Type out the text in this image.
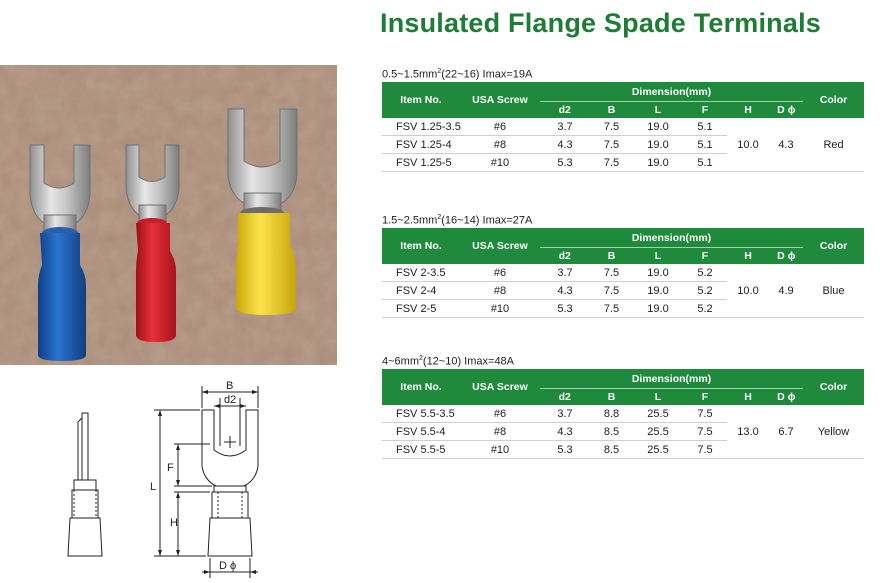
Insulated Flange Spade Terminals
B
d2
F
L
H
D ϕ
$0.5\sim 1.5mm^2(22\sim 16)$ Imax=19A
Item No.	USA Screw	Dimension(mm)						Color
		d2	B	L	F	H	D ϕ	
FSV 1.25-3.5	#6	3.7	7.5	19.0	5.1	10.0	4.3	Red
FSV 1.25-4	#8	4.3	7.5	19.0	5.1			
FSV 1.25-5	#10	5.3	7.5	19.0	5.1			
$1.5\sim 2.5mm^2(16\sim 14)$ Imax=27A
Item No.	USA Screw	Dimension(mm)						Color
		d2	B	L	F	H	D ϕ	
FSV 2-3.5	#6	3.7	7.5	19.0	5.2	10.0	4.9	Blue
FSV 2-4	#8	4.3	7.5	19.0	5.2			
FSV 2-5	#10	5.3	7.5	19.0	5.2			
$4\sim 6mm^2(12\sim 10)$ Imax=48A
Item No.	USA Screw	Dimension(mm)						Color
		d2	B	L	F	H	D ϕ	
FSV 5.5-3.5	#6	3.7	8.8	25.5	7.5	13.0	6.7	Yellow
FSV 5.5-4	#8	4.3	8.5	25.5	7.5			
FSV 5.5-5	#10	5.3	8.5	25.5	7.5			
